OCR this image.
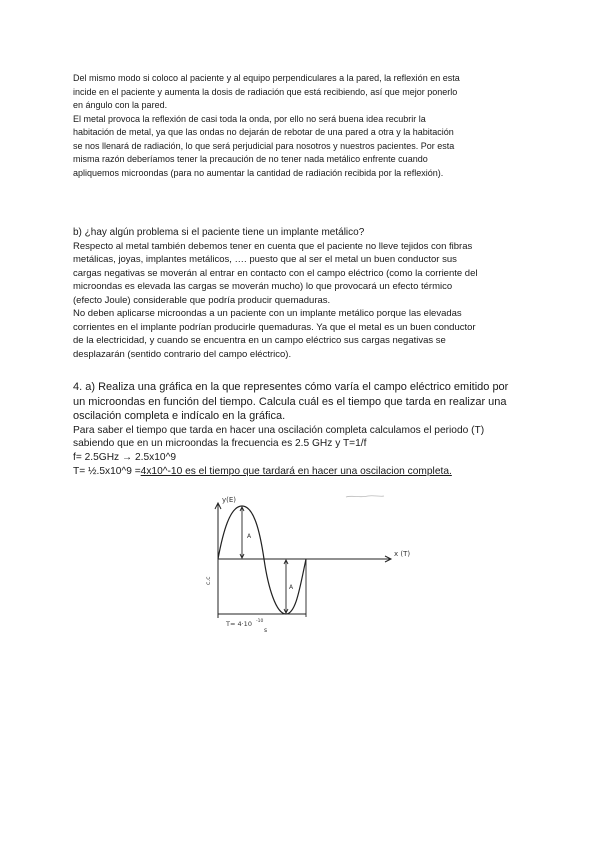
Del mismo modo si coloco al paciente y al equipo perpendiculares a la pared, la reflexión en esta
incide en el paciente y aumenta la dosis de radiación que está recibiendo, así que mejor ponerlo
en ángulo con la pared.
El metal provoca la reflexión de casi toda la onda, por ello no será buena idea recubrir la
habitación de metal, ya que las ondas no dejarán de rebotar de una pared a otra y la habitación
se nos llenará de radiación, lo que será perjudicial para nosotros y nuestros pacientes. Por esta
misma razón deberíamos tener la precaución de no tener nada metálico enfrente cuando
apliquemos microondas (para no aumentar la cantidad de radiación recibida por la reflexión).
b) ¿hay algún problema si el paciente tiene un implante metálico?
Respecto al metal también debemos tener en cuenta que el paciente no lleve tejidos con fibras
metálicas, joyas, implantes metálicos, …. puesto que al ser el metal un buen conductor sus
cargas negativas se moverán al entrar en contacto con el campo eléctrico (como la corriente del
microondas es elevada las cargas se moverán mucho) lo que provocará un efecto térmico
(efecto Joule) considerable que podría producir quemaduras.
No deben aplicarse microondas a un paciente con un implante metálico porque las elevadas
corrientes en el implante podrían producirle quemaduras. Ya que el metal es un buen conductor
de la electricidad, y cuando se encuentra en un campo eléctrico sus cargas negativas se
desplazarán (sentido contrario del campo eléctrico).
4. a) Realiza una gráfica en la que representes cómo varía el campo eléctrico emitido por
un microondas en función del tiempo. Calcula cuál es el tiempo que tarda en realizar una
oscilación completa e indícalo en la gráfica.
Para saber el tiempo que tarda en hacer una oscilación completa calculamos el periodo (T)
sabiendo que en un microondas la frecuencia es 2.5 GHz y T=1/f
f= 2.5GHz → 2.5x10^9
T= ½.5x10^9 =4x10^-10 es el tiempo que tardará en hacer una oscilacion completa.
y(E)
x (T)
c.c
A
A
T= 4·10 -10
s
